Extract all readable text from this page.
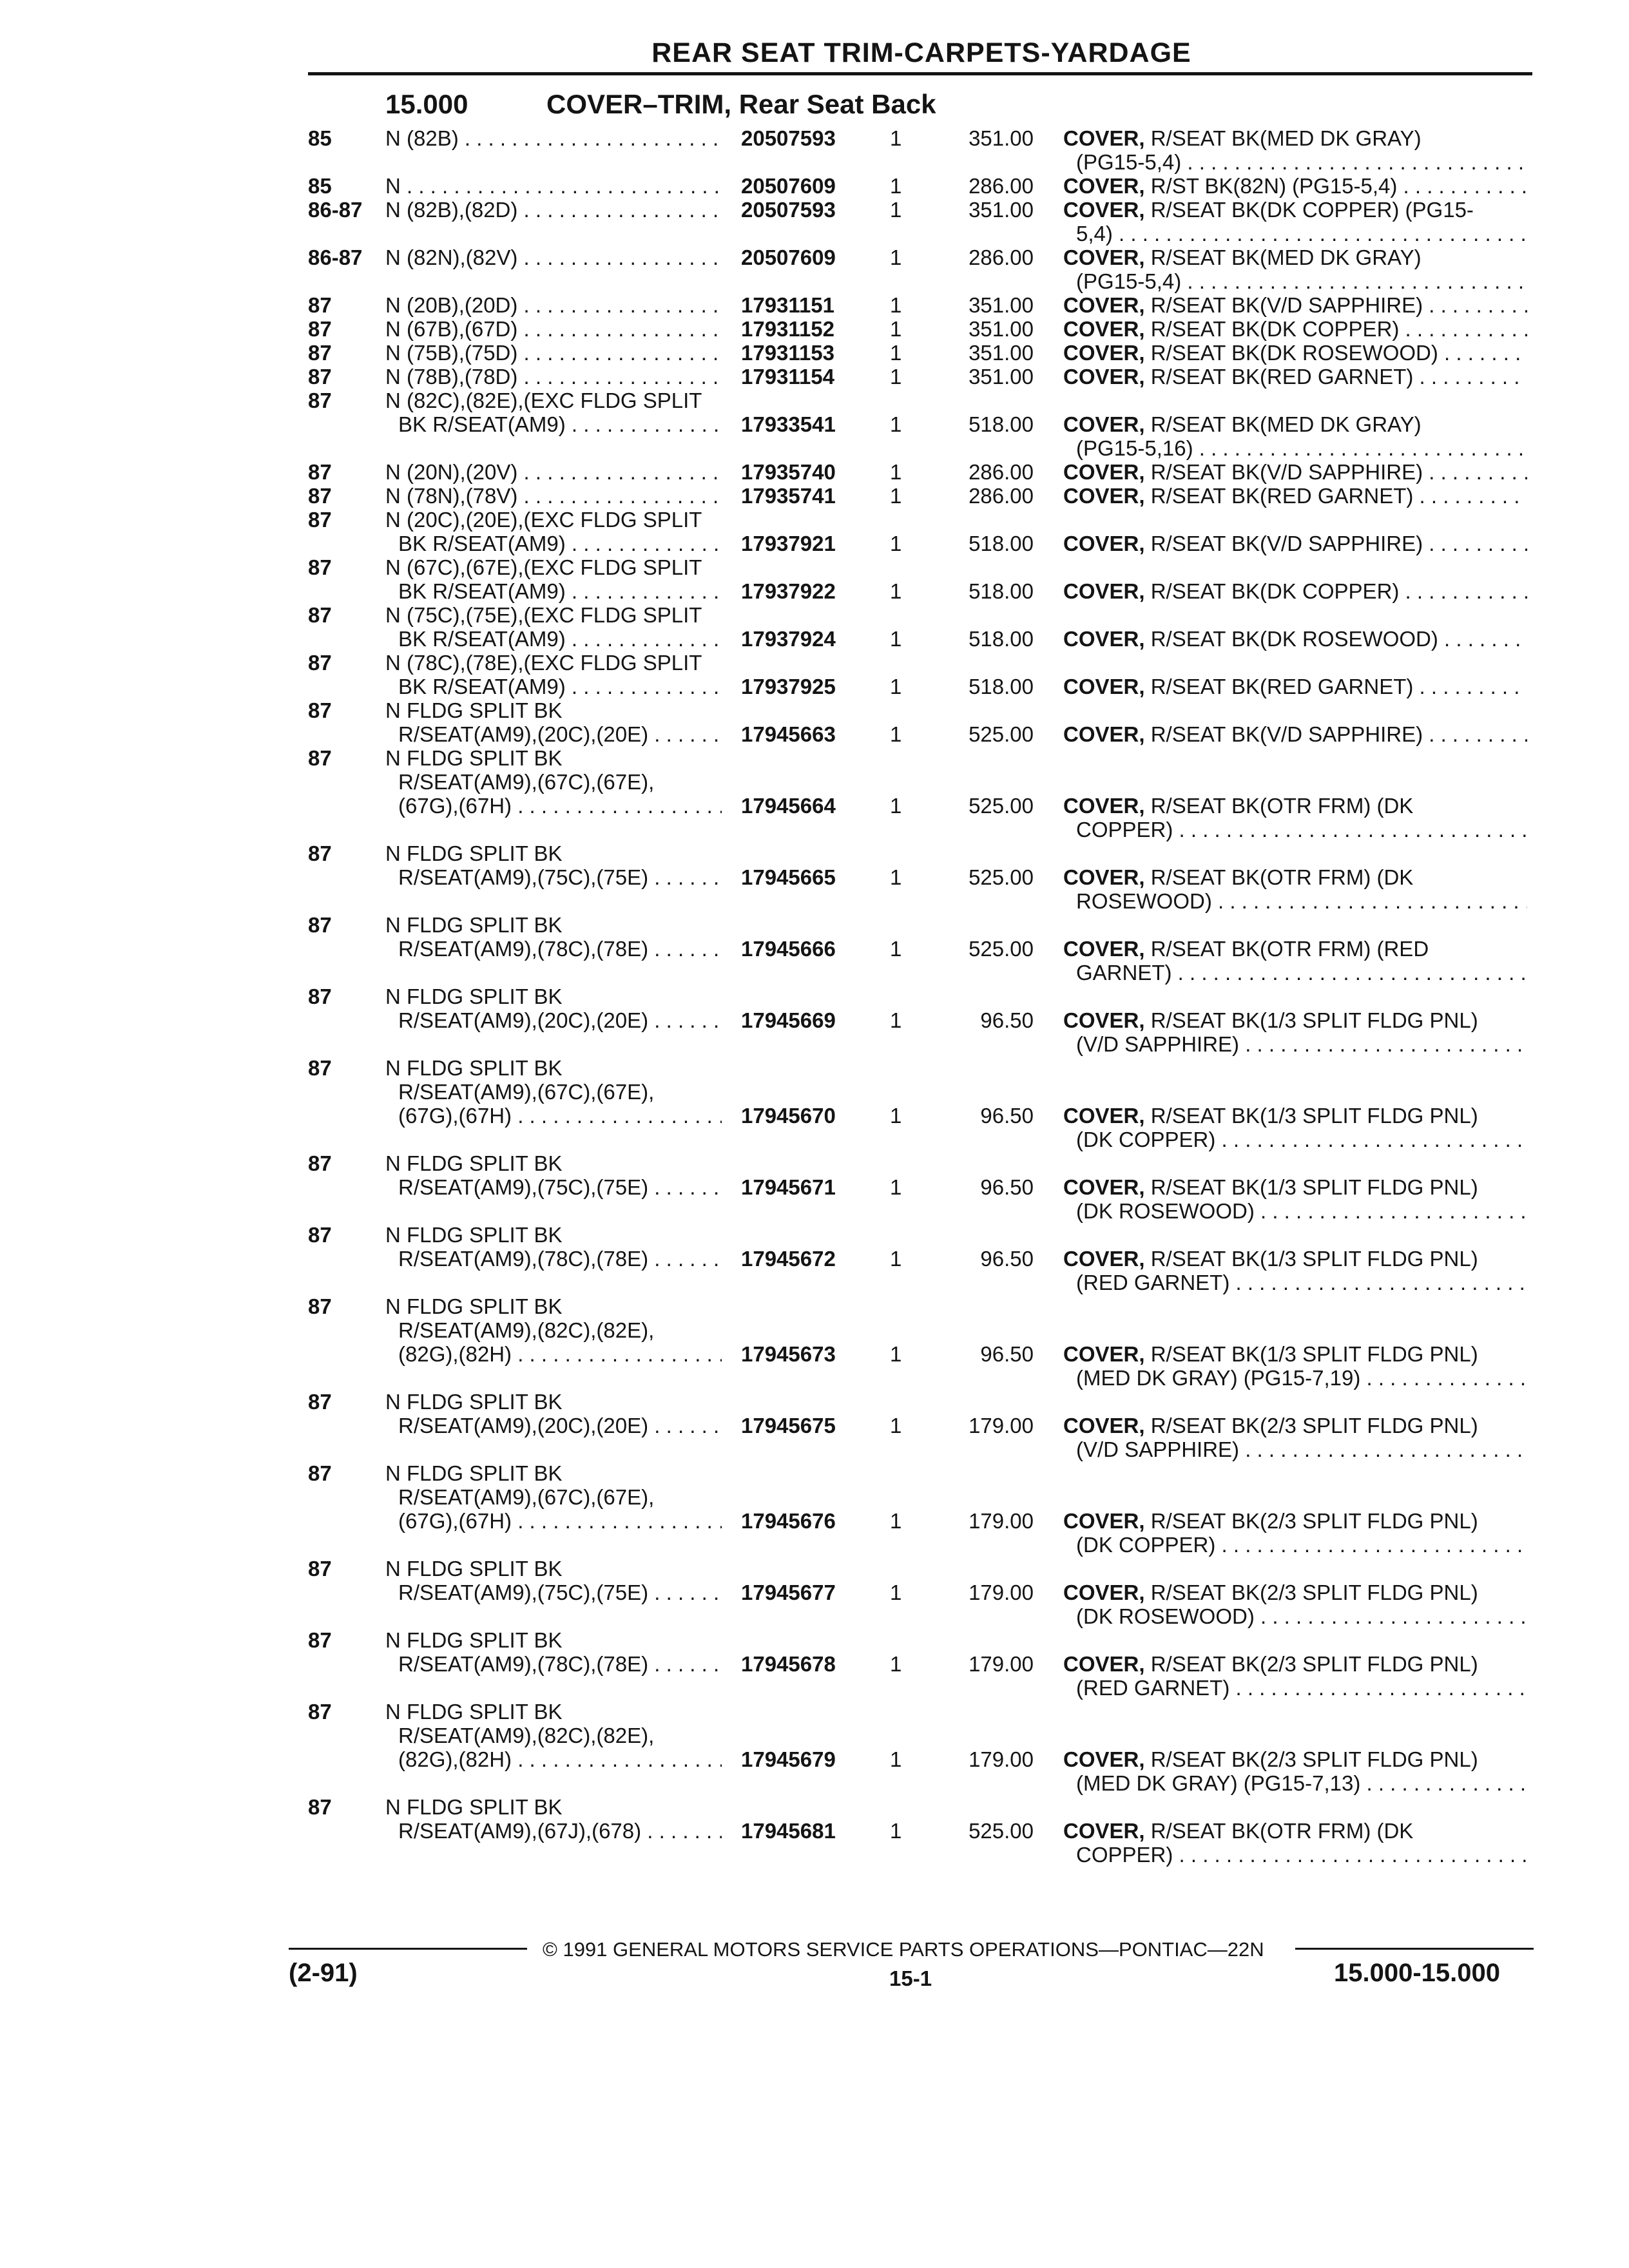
REAR SEAT TRIM-CARPETS-YARDAGE
15.000	COVER–TRIM, Rear Seat Back
85	N (82B) . . .	20507593	1	351.00 COVER, R/SEAT BK(MED DK GRAY)
(PG15-5,4) . . .
85	N . . .	20507609	1	286.00 COVER, R/ST BK(82N) (PG15-5,4) . . .
86-87 N (82B),(82D) . . .	20507593	1	351.00 COVER, R/SEAT BK(DK COPPER) (PG15-
5,4) . . .
86-87 N (82N),(82V) . . .	20507609	1	286.00 COVER, R/SEAT BK(MED DK GRAY)
(PG15-5,4) . . .
87	N (20B),(20D) . . .	17931151	1	351.00 COVER, R/SEAT BK(V/D SAPPHIRE) . . .
87	N (67B),(67D) . . .	17931152	1	351.00 COVER, R/SEAT BK(DK COPPER) . . .
87	N (75B),(75D) . . .	17931153	1	351.00 COVER, R/SEAT BK(DK ROSEWOOD) . . .
87	N (78B),(78D) . . .	17931154	1	351.00 COVER, R/SEAT BK(RED GARNET) . . .
87	N (82C),(82E),(EXC FLDG SPLIT
BK R/SEAT(AM9) . . .	17933541	1	518.00 COVER, R/SEAT BK(MED DK GRAY)
(PG15-5,16) . . .
87	N (20N),(20V) . . .	17935740	1	286.00 COVER, R/SEAT BK(V/D SAPPHIRE) . . .
87	N (78N),(78V) . . .	17935741	1	286.00 COVER, R/SEAT BK(RED GARNET) . . .
87	N (20C),(20E),(EXC FLDG SPLIT
BK R/SEAT(AM9) . . .	17937921	1	518.00 COVER, R/SEAT BK(V/D SAPPHIRE) . . .
87	N (67C),(67E),(EXC FLDG SPLIT
BK R/SEAT(AM9) . . .	17937922	1	518.00 COVER, R/SEAT BK(DK COPPER) . . .
87	N (75C),(75E),(EXC FLDG SPLIT
BK R/SEAT(AM9) . . .	17937924	1	518.00 COVER, R/SEAT BK(DK ROSEWOOD) . . .
87	N (78C),(78E),(EXC FLDG SPLIT
BK R/SEAT(AM9) . . .	17937925	1	518.00 COVER, R/SEAT BK(RED GARNET) . . .
87	N FLDG SPLIT BK
R/SEAT(AM9),(20C),(20E) . . .	17945663	1	525.00 COVER, R/SEAT BK(V/D SAPPHIRE) . . .
87	N FLDG SPLIT BK
R/SEAT(AM9),(67C),(67E),
(67G),(67H) . . .	17945664	1	525.00 COVER, R/SEAT BK(OTR FRM) (DK
COPPER) . . .
87	N FLDG SPLIT BK
R/SEAT(AM9),(75C),(75E) . . .	17945665	1	525.00 COVER, R/SEAT BK(OTR FRM) (DK
ROSEWOOD) . . .
87	N FLDG SPLIT BK
R/SEAT(AM9),(78C),(78E) . . .	17945666	1	525.00 COVER, R/SEAT BK(OTR FRM) (RED
GARNET) . . .
87	N FLDG SPLIT BK
R/SEAT(AM9),(20C),(20E) . . .	17945669	1	96.50 COVER, R/SEAT BK(1/3 SPLIT FLDG PNL)
(V/D SAPPHIRE) . . .
87	N FLDG SPLIT BK
R/SEAT(AM9),(67C),(67E),
(67G),(67H) . . .	17945670	1	96.50 COVER, R/SEAT BK(1/3 SPLIT FLDG PNL)
(DK COPPER) . . .
87	N FLDG SPLIT BK
R/SEAT(AM9),(75C),(75E) . . .	17945671	1	96.50 COVER, R/SEAT BK(1/3 SPLIT FLDG PNL)
(DK ROSEWOOD) . . .
87	N FLDG SPLIT BK
R/SEAT(AM9),(78C),(78E) . . .	17945672	1	96.50 COVER, R/SEAT BK(1/3 SPLIT FLDG PNL)
(RED GARNET) . . .
87	N FLDG SPLIT BK
R/SEAT(AM9),(82C),(82E),
(82G),(82H) . . .	17945673	1	96.50 COVER, R/SEAT BK(1/3 SPLIT FLDG PNL)
(MED DK GRAY) (PG15-7,19) . . .
87	N FLDG SPLIT BK
R/SEAT(AM9),(20C),(20E) . . .	17945675	1	179.00 COVER, R/SEAT BK(2/3 SPLIT FLDG PNL)
(V/D SAPPHIRE) . . .
87	N FLDG SPLIT BK
R/SEAT(AM9),(67C),(67E),
(67G),(67H) . . .	17945676	1	179.00 COVER, R/SEAT BK(2/3 SPLIT FLDG PNL)
(DK COPPER) . . .
87	N FLDG SPLIT BK
R/SEAT(AM9),(75C),(75E) . . .	17945677	1	179.00 COVER, R/SEAT BK(2/3 SPLIT FLDG PNL)
(DK ROSEWOOD) . . .
87	N FLDG SPLIT BK
R/SEAT(AM9),(78C),(78E) . . .	17945678	1	179.00 COVER, R/SEAT BK(2/3 SPLIT FLDG PNL)
(RED GARNET) . . .
87	N FLDG SPLIT BK
R/SEAT(AM9),(82C),(82E),
(82G),(82H) . . .	17945679	1	179.00 COVER, R/SEAT BK(2/3 SPLIT FLDG PNL)
(MED DK GRAY) (PG15-7,13) . . .
87	N FLDG SPLIT BK
R/SEAT(AM9),(67J),(678) . . .	17945681	1	525.00 COVER, R/SEAT BK(OTR FRM) (DK
COPPER) . . .
© 1991 GENERAL MOTORS SERVICE PARTS OPERATIONS—PONTIAC—22N
(2-91)	15-1	15.000-15.000
